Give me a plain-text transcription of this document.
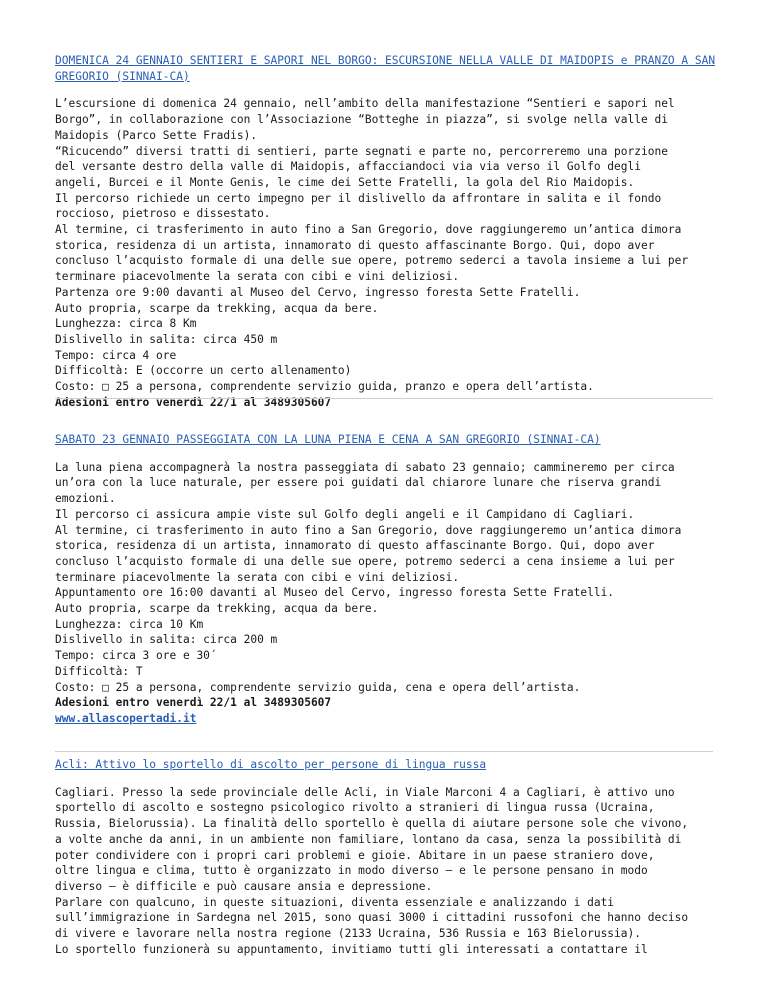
DOMENICA 24 GENNAIO SENTIERI E SAPORI NEL BORGO: ESCURSIONE NELLA VALLE DI MAIDOPIS e PRANZO A SAN GREGORIO (SINNAI-CA)
L’escursione di domenica 24 gennaio, nell’ambito della manifestazione “Sentieri e sapori nel
Borgo”, in collaborazione con l’Associazione “Botteghe in piazza”, si svolge nella valle di
Maidopis (Parco Sette Fradis).
“Ricucendo” diversi tratti di sentieri, parte segnati e parte no, percorreremo una porzione
del versante destro della valle di Maidopis, affacciandoci via via verso il Golfo degli
angeli, Burcei e il Monte Genis, le cime dei Sette Fratelli, la gola del Rio Maidopis.
Il percorso richiede un certo impegno per il dislivello da affrontare in salita e il fondo
roccioso, pietroso e dissestato.
Al termine, ci trasferimento in auto fino a San Gregorio, dove raggiungeremo un’antica dimora
storica, residenza di un artista, innamorato di questo affascinante Borgo. Qui, dopo aver
concluso l’acquisto formale di una delle sue opere, potremo sederci a tavola insieme a lui per
terminare piacevolmente la serata con cibi e vini deliziosi.
Partenza ore 9:00 davanti al Museo del Cervo, ingresso foresta Sette Fratelli.
Auto propria, scarpe da trekking, acqua da bere.
Lunghezza: circa 8 Km
Dislivello in salita: circa 450 m
Tempo: circa 4 ore
Difficoltà: E (occorre un certo allenamento)
Costo: □ 25 a persona, comprendente servizio guida, pranzo e opera dell’artista.
Adesioni entro venerdì 22/1 al 3489305607
SABATO 23 GENNAIO PASSEGGIATA CON LA LUNA PIENA E CENA A SAN GREGORIO (SINNAI-CA)
La luna piena accompagnerà la nostra passeggiata di sabato 23 gennaio; cammineremo per circa
un’ora con la luce naturale, per essere poi guidati dal chiarore lunare che riserva grandi
emozioni.
Il percorso ci assicura ampie viste sul Golfo degli angeli e il Campidano di Cagliari.
Al termine, ci trasferimento in auto fino a San Gregorio, dove raggiungeremo un’antica dimora
storica, residenza di un artista, innamorato di questo affascinante Borgo. Qui, dopo aver
concluso l’acquisto formale di una delle sue opere, potremo sederci a cena insieme a lui per
terminare piacevolmente la serata con cibi e vini deliziosi.
Appuntamento ore 16:00 davanti al Museo del Cervo, ingresso foresta Sette Fratelli.
Auto propria, scarpe da trekking, acqua da bere.
Lunghezza: circa 10 Km
Dislivello in salita: circa 200 m
Tempo: circa 3 ore e 30´
Difficoltà: T
Costo: □ 25 a persona, comprendente servizio guida, cena e opera dell’artista.
Adesioni entro venerdì 22/1 al 3489305607
www.allascopertadi.it
Acli: Attivo lo sportello di ascolto per persone di lingua russa
Cagliari. Presso la sede provinciale delle Acli, in Viale Marconi 4 a Cagliari, è attivo uno
sportello di ascolto e sostegno psicologico rivolto a stranieri di lingua russa (Ucraina,
Russia, Bielorussia). La finalità dello sportello è quella di aiutare persone sole che vivono,
a volte anche da anni, in un ambiente non familiare, lontano da casa, senza la possibilità di
poter condividere con i propri cari problemi e gioie. Abitare in un paese straniero dove,
oltre lingua e clima, tutto è organizzato in modo diverso – e le persone pensano in modo
diverso – è difficile e può causare ansia e depressione.
Parlare con qualcuno, in queste situazioni, diventa essenziale e analizzando i dati
sull’immigrazione in Sardegna nel 2015, sono quasi 3000 i cittadini russofoni che hanno deciso
di vivere e lavorare nella nostra regione (2133 Ucraina, 536 Russia e 163 Bielorussia).
Lo sportello funzionerà su appuntamento, invitiamo tutti gli interessati a contattare il
